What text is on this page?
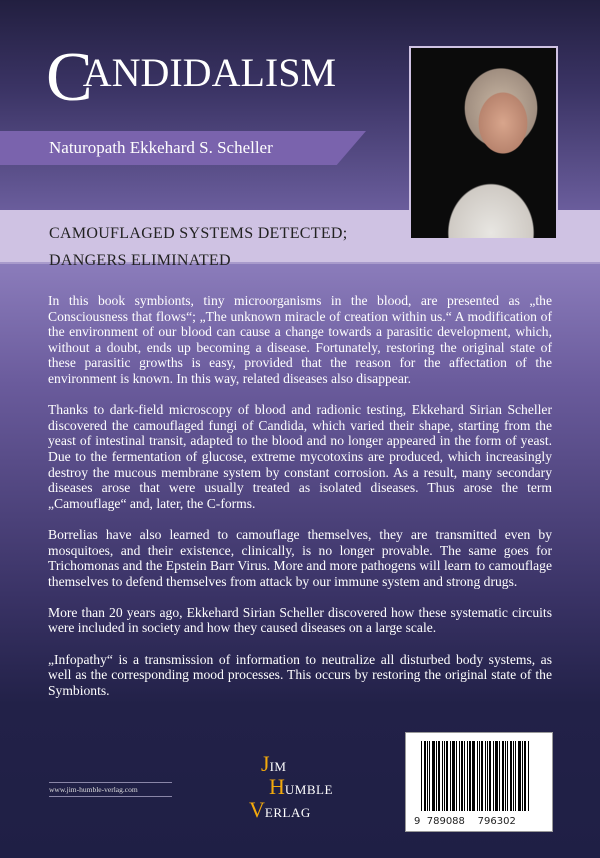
CANDIDALISM
Naturopath Ekkehard S. Scheller
CAMOUFLAGED SYSTEMS DETECTED;
DANGERS ELIMINATED

In this book symbionts, tiny microorganisms in the blood, are presented as „the Consciousness that flows“; „The unknown miracle of creation within us.“ A modification of the environment of our blood can cause a change towards a parasitic development, which, without a doubt, ends up becoming a disease. Fortunately, restoring the original state of these parasitic growths is easy, provided that the reason for the affectation of the environment is known. In this way, related diseases also disappear.

Thanks to dark-field microscopy of blood and radionic testing, Ekkehard Sirian Scheller discovered the camouflaged fungi of Candida, which varied their shape, starting from the yeast of intestinal transit, adapted to the blood and no longer appeared in the form of yeast. Due to the fermentation of glucose, extreme mycotoxins are produced, which increasingly destroy the mucous membrane system by constant corrosion. As a result, many secondary diseases arose that were usually treated as isolated diseases. Thus arose the term „Camouflage“ and, later, the C-forms.

Borrelias have also learned to camouflage themselves, they are transmitted even by mosquitoes, and their existence, clinically, is no longer provable. The same goes for Trichomonas and the Epstein Barr Virus. More and more pathogens will learn to camouflage themselves to defend themselves from attack by our immune system and strong drugs.

More than 20 years ago, Ekkehard Sirian Scheller discovered how these systematic circuits were included in society and how they caused diseases on a large scale.

„Infopathy“ is a transmission of information to neutralize all disturbed body systems, as well as the corresponding mood processes. This occurs by restoring the original state of the Symbionts.

www.jim-humble-verlag.com
J IM
H UMBLE
V ERLAG
9 789088 796302
